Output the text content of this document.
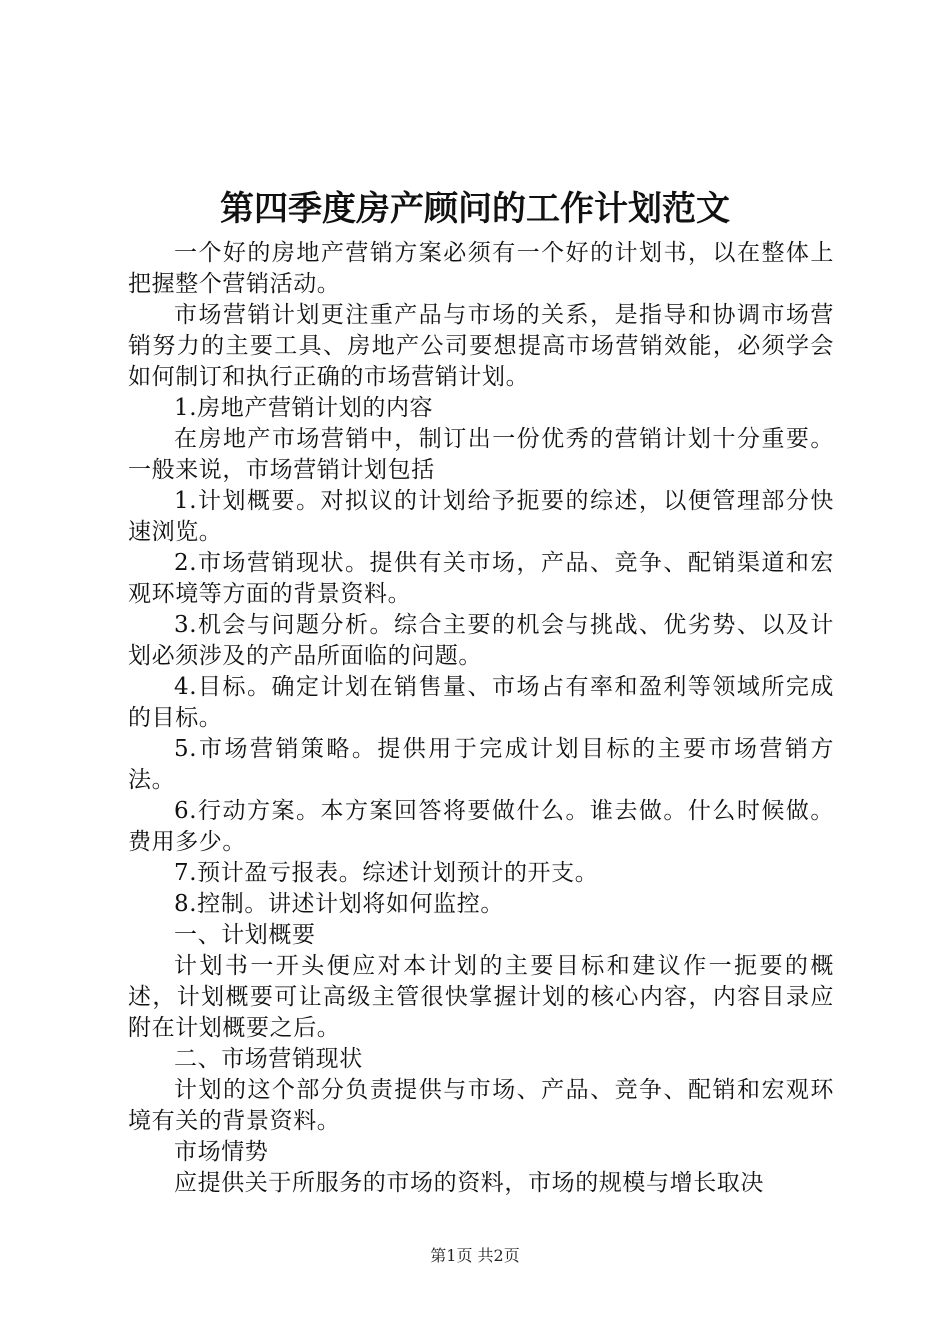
第四季度房产顾问的工作计划范文

一个好的房地产营销方案必须有一个好的计划书，以在整体上把握整个营销活动。

市场营销计划更注重产品与市场的关系，是指导和协调市场营销努力的主要工具、房地产公司要想提高市场营销效能，必须学会如何制订和执行正确的市场营销计划。

1.房地产营销计划的内容

在房地产市场营销中，制订出一份优秀的营销计划十分重要。一般来说，市场营销计划包括

1.计划概要。对拟议的计划给予扼要的综述，以便管理部分快速浏览。

2.市场营销现状。提供有关市场，产品、竞争、配销渠道和宏观环境等方面的背景资料。

3.机会与问题分析。综合主要的机会与挑战、优劣势、以及计划必须涉及的产品所面临的问题。

4.目标。确定计划在销售量、市场占有率和盈利等领域所完成的目标。

5.市场营销策略。提供用于完成计划目标的主要市场营销方法。

6.行动方案。本方案回答将要做什么。谁去做。什么时候做。费用多少。

7.预计盈亏报表。综述计划预计的开支。

8.控制。讲述计划将如何监控。

一、计划概要

计划书一开头便应对本计划的主要目标和建议作一扼要的概述，计划概要可让高级主管很快掌握计划的核心内容，内容目录应附在计划概要之后。

二、市场营销现状

计划的这个部分负责提供与市场、产品、竞争、配销和宏观环境有关的背景资料。

市场情势

应提供关于所服务的市场的资料，市场的规模与增长取决

第1页 共2页
